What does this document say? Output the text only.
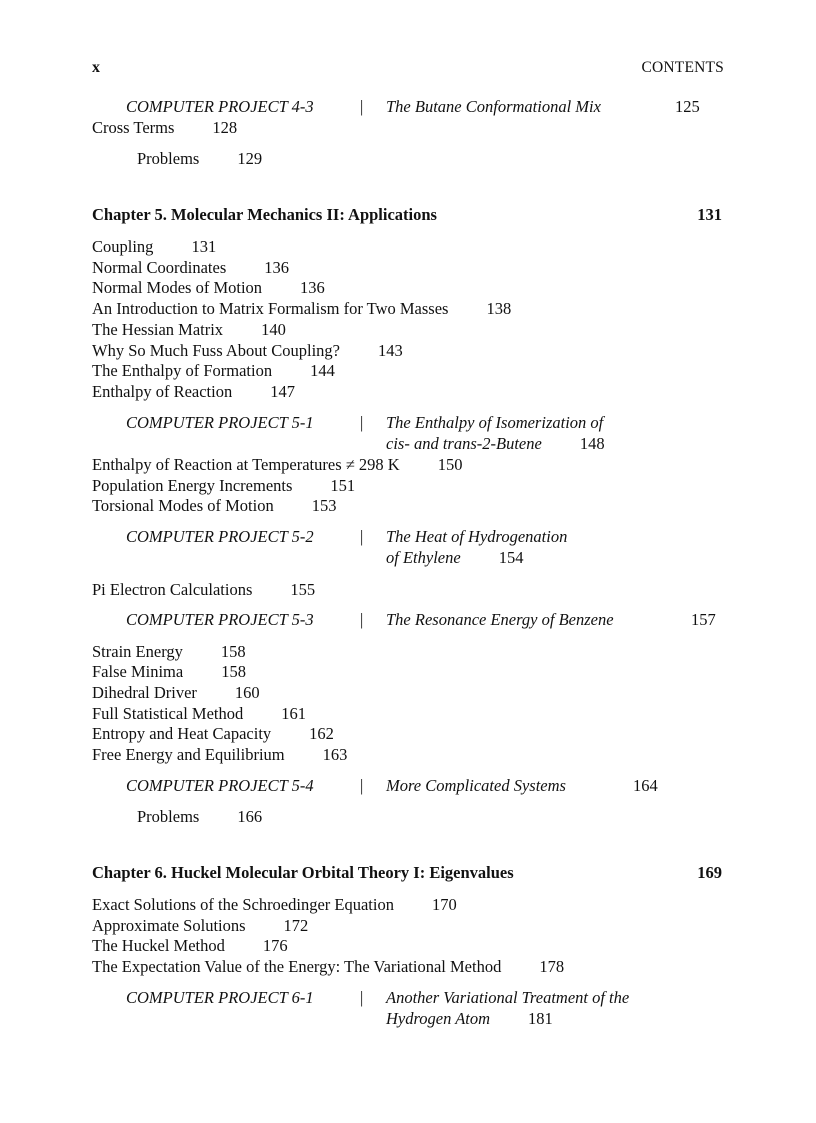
x	CONTENTS
COMPUTER PROJECT 4-3	| The Butane Conformational Mix	125
Cross Terms 128
Problems 129
Chapter 5. Molecular Mechanics II: Applications	131
Coupling 131
Normal Coordinates 136
Normal Modes of Motion 136
An Introduction to Matrix Formalism for Two Masses 138
The Hessian Matrix 140
Why So Much Fuss About Coupling? 143
The Enthalpy of Formation 144
Enthalpy of Reaction 147
COMPUTER PROJECT 5-1	| The Enthalpy of Isomerization of
cis- and trans-2-Butene 148
Enthalpy of Reaction at Temperatures ≠ 298 K 150
Population Energy Increments 151
Torsional Modes of Motion 153
COMPUTER PROJECT 5-2	| The Heat of Hydrogenation
of Ethylene 154
Pi Electron Calculations 155
COMPUTER PROJECT 5-3	| The Resonance Energy of Benzene	157
Strain Energy 158
False Minima 158
Dihedral Driver 160
Full Statistical Method 161
Entropy and Heat Capacity 162
Free Energy and Equilibrium 163
COMPUTER PROJECT 5-4	| More Complicated Systems	164
Problems 166
Chapter 6. Huckel Molecular Orbital Theory I: Eigenvalues	169
Exact Solutions of the Schroedinger Equation 170
Approximate Solutions 172
The Huckel Method 176
The Expectation Value of the Energy: The Variational Method 178
COMPUTER PROJECT 6-1	| Another Variational Treatment of the
Hydrogen Atom 181
